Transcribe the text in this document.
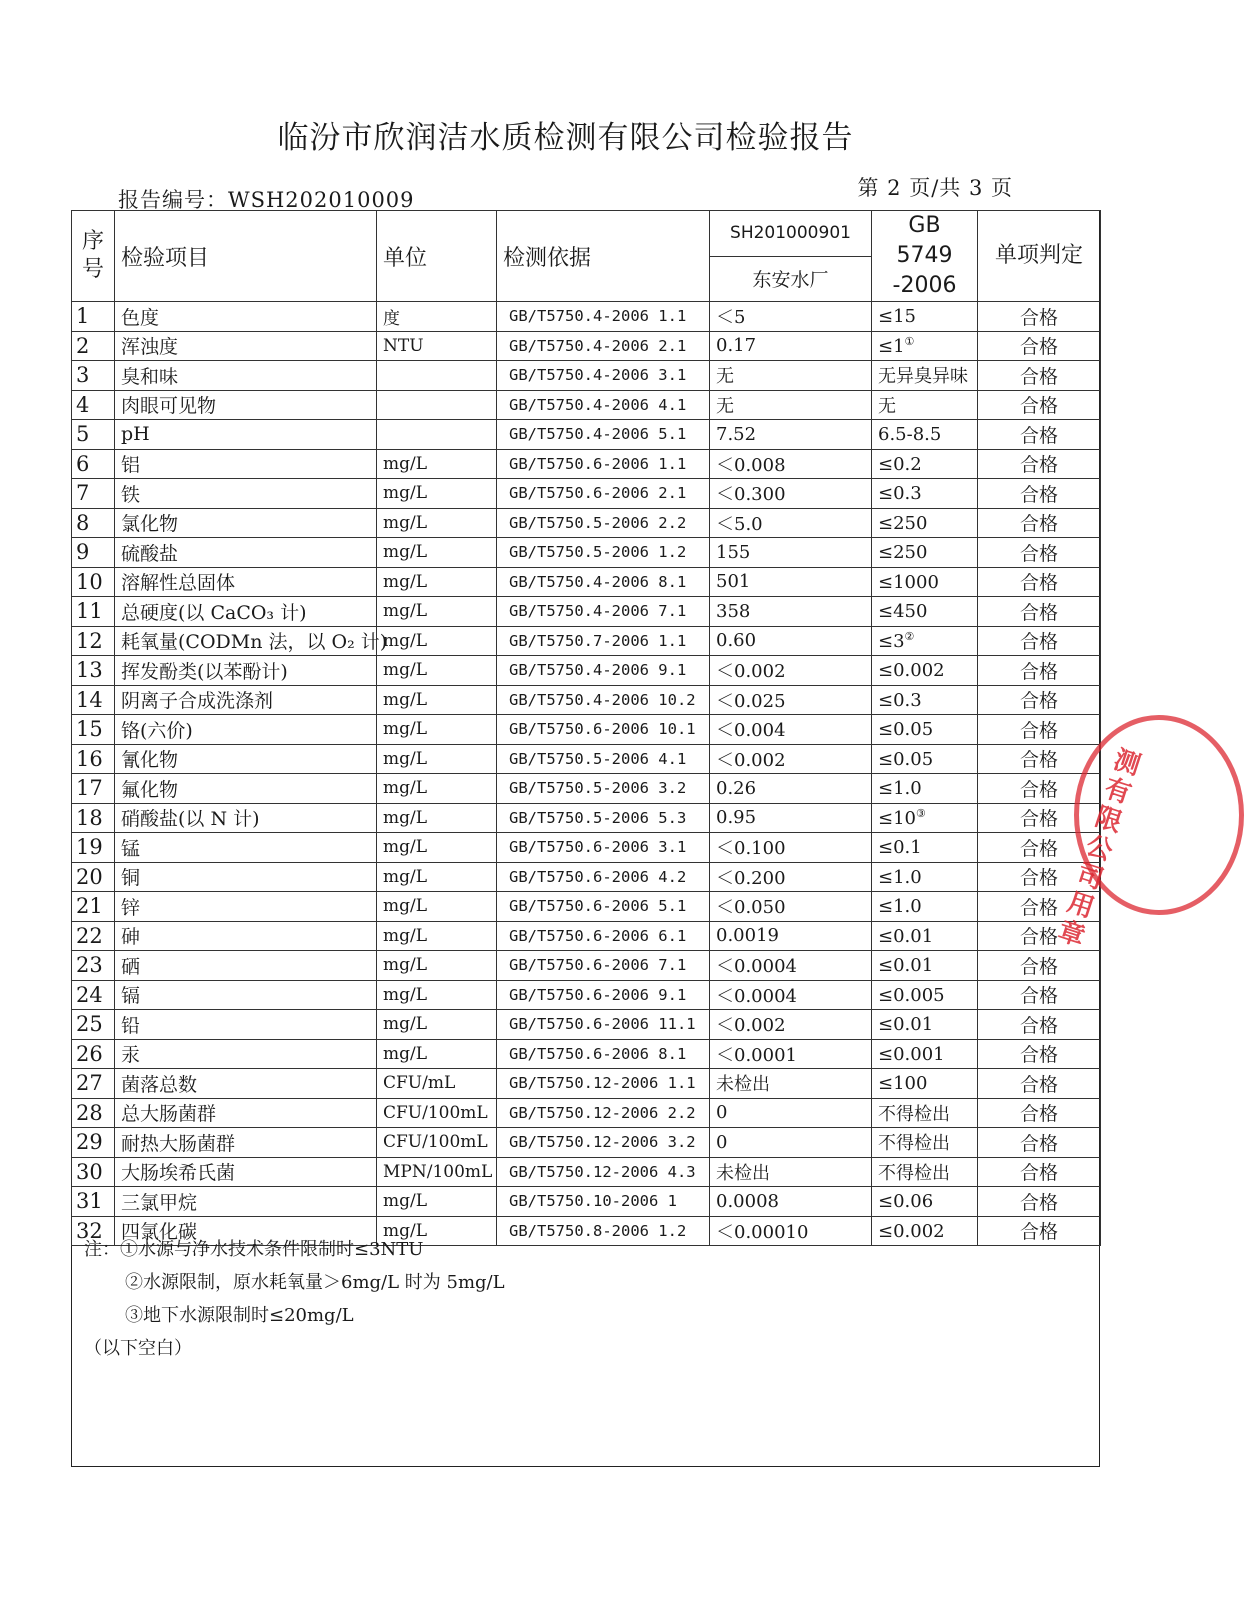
临汾市欣润洁水质检测有限公司检验报告
报告编号：WSH202010009	第 2 页/共 3 页
序号	检验项目	单位	检测依据	SH201000901	GB 5749 -2006	单项判定
				东安水厂		
1	色度	度	GB/T5750.4-2006 1.1	＜5	≤15	合格
2	浑浊度	NTU	GB/T5750.4-2006 2.1	0.17	≤1①	合格
3	臭和味		GB/T5750.4-2006 3.1	无	无异臭异味	合格
4	肉眼可见物		GB/T5750.4-2006 4.1	无	无	合格
5	pH		GB/T5750.4-2006 5.1	7.52	6.5-8.5	合格
6	铝	mg/L	GB/T5750.6-2006 1.1	＜0.008	≤0.2	合格
7	铁	mg/L	GB/T5750.6-2006 2.1	＜0.300	≤0.3	合格
8	氯化物	mg/L	GB/T5750.5-2006 2.2	＜5.0	≤250	合格
9	硫酸盐	mg/L	GB/T5750.5-2006 1.2	155	≤250	合格
10	溶解性总固体	mg/L	GB/T5750.4-2006 8.1	501	≤1000	合格
11	总硬度(以 CaCO₃ 计)	mg/L	GB/T5750.4-2006 7.1	358	≤450	合格
12	耗氧量(CODMn 法，以 O₂ 计)	mg/L	GB/T5750.7-2006 1.1	0.60	≤3②	合格
13	挥发酚类(以苯酚计)	mg/L	GB/T5750.4-2006 9.1	＜0.002	≤0.002	合格
14	阴离子合成洗涤剂	mg/L	GB/T5750.4-2006 10.2	＜0.025	≤0.3	合格
15	铬(六价)	mg/L	GB/T5750.6-2006 10.1	＜0.004	≤0.05	合格
16	氰化物	mg/L	GB/T5750.5-2006 4.1	＜0.002	≤0.05	合格
17	氟化物	mg/L	GB/T5750.5-2006 3.2	0.26	≤1.0	合格
18	硝酸盐(以 N 计)	mg/L	GB/T5750.5-2006 5.3	0.95	≤10③	合格
19	锰	mg/L	GB/T5750.6-2006 3.1	＜0.100	≤0.1	合格
20	铜	mg/L	GB/T5750.6-2006 4.2	＜0.200	≤1.0	合格
21	锌	mg/L	GB/T5750.6-2006 5.1	＜0.050	≤1.0	合格
22	砷	mg/L	GB/T5750.6-2006 6.1	0.0019	≤0.01	合格
23	硒	mg/L	GB/T5750.6-2006 7.1	＜0.0004	≤0.01	合格
24	镉	mg/L	GB/T5750.6-2006 9.1	＜0.0004	≤0.005	合格
25	铅	mg/L	GB/T5750.6-2006 11.1	＜0.002	≤0.01	合格
26	汞	mg/L	GB/T5750.6-2006 8.1	＜0.0001	≤0.001	合格
27	菌落总数	CFU/mL	GB/T5750.12-2006 1.1	未检出	≤100	合格
28	总大肠菌群	CFU/100mL	GB/T5750.12-2006 2.2	0	不得检出	合格
29	耐热大肠菌群	CFU/100mL	GB/T5750.12-2006 3.2	0	不得检出	合格
30	大肠埃希氏菌	MPN/100mL	GB/T5750.12-2006 4.3	未检出	不得检出	合格
31	三氯甲烷	mg/L	GB/T5750.10-2006 1	0.0008	≤0.06	合格
32	四氯化碳	mg/L	GB/T5750.8-2006 1.2	＜0.00010	≤0.002	合格
注：①水源与净水技术条件限制时≤3NTU
②水源限制，原水耗氧量＞6mg/L 时为 5mg/L
③地下水源限制时≤20mg/L
（以下空白）
测有限公司 用章
